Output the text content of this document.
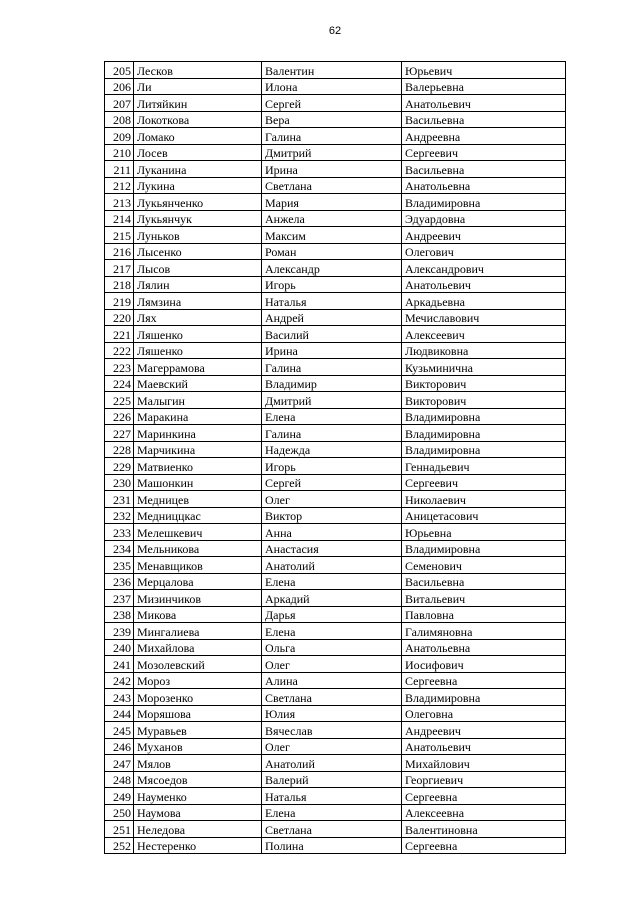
62
205	Лесков	Валентин	Юрьевич
206	Ли	Илона	Валерьевна
207	Литяйкин	Сергей	Анатольевич
208	Локоткова	Вера	Васильевна
209	Ломако	Галина	Андреевна
210	Лосев	Дмитрий	Сергеевич
211	Луканина	Ирина	Васильевна
212	Лукина	Светлана	Анатольевна
213	Лукьянченко	Мария	Владимировна
214	Лукьянчук	Анжела	Эдуардовна
215	Луньков	Максим	Андреевич
216	Лысенко	Роман	Олегович
217	Лысов	Александр	Александрович
218	Лялин	Игорь	Анатольевич
219	Лямзина	Наталья	Аркадьевна
220	Лях	Андрей	Мечиславович
221	Ляшенко	Василий	Алексеевич
222	Ляшенко	Ирина	Людвиковна
223	Магеррамова	Галина	Кузьминична
224	Маевский	Владимир	Викторович
225	Малыгин	Дмитрий	Викторович
226	Маракина	Елена	Владимировна
227	Маринкина	Галина	Владимировна
228	Марчикина	Надежда	Владимировна
229	Матвиенко	Игорь	Геннадьевич
230	Машонкин	Сергей	Сергеевич
231	Медницев	Олег	Николаевич
232	Медниццкас	Виктор	Аницетасович
233	Мелешкевич	Анна	Юрьевна
234	Мельникова	Анастасия	Владимировна
235	Менавщиков	Анатолий	Семенович
236	Мерцалова	Елена	Васильевна
237	Мизинчиков	Аркадий	Витальевич
238	Микова	Дарья	Павловна
239	Мингалиева	Елена	Галимяновна
240	Михайлова	Ольга	Анатольевна
241	Мозолевский	Олег	Иосифович
242	Мороз	Алина	Сергеевна
243	Морозенко	Светлана	Владимировна
244	Моряшова	Юлия	Олеговна
245	Муравьев	Вячеслав	Андреевич
246	Муханов	Олег	Анатольевич
247	Мялов	Анатолий	Михайлович
248	Мясоедов	Валерий	Георгиевич
249	Науменко	Наталья	Сергеевна
250	Наумова	Елена	Алексеевна
251	Неледова	Светлана	Валентиновна
252	Нестеренко	Полина	Сергеевна
